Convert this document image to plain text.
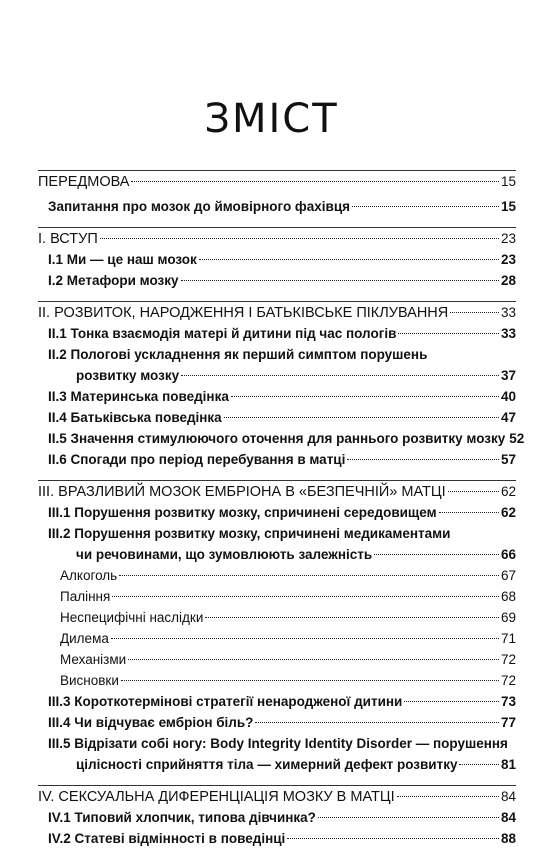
ЗМІСТ
ПЕРЕДМОВА	15
Запитання про мозок до ймовірного фахівця	15
I. ВСТУП	23
I.1 Ми — це наш мозок	23
I.2 Метафори мозку	28
II. РОЗВИТОК, НАРОДЖЕННЯ І БАТЬКІВСЬКЕ ПІКЛУВАННЯ	33
II.1 Тонка взаємодія матері й дитини під час пологів	33
II.2 Пологові ускладнення як перший симптом порушень
розвитку мозку	37
II.3 Материнська поведінка	40
II.4 Батьківська поведінка	47
II.5 Значення стимулюючого оточення для раннього розвитку мозку 52
II.6 Спогади про період перебування в матці	57
III. ВРАЗЛИВИЙ МОЗОК ЕМБРІОНА В «БЕЗПЕЧНІЙ» МАТЦІ	62
III.1 Порушення розвитку мозку, спричинені середовищем	62
III.2 Порушення розвитку мозку, спричинені медикаментами
чи речовинами, що зумовлюють залежність	66
Алкоголь	67
Паління	68
Неспецифічні наслідки	69
Дилема	71
Механізми	72
Висновки	72
III.3 Короткотермінові стратегії ненародженої дитини	73
III.4 Чи відчуває ембріон біль?	77
III.5 Відрізати собі ногу: Body Integrity Identity Disorder — порушення
цілісності сприйняття тіла — химерний дефект розвитку	81
IV. СЕКСУАЛЬНА ДИФЕРЕНЦІАЦІЯ МОЗКУ В МАТЦІ	84
IV.1 Типовий хлопчик, типова дівчинка?	84
IV.2 Статеві відмінності в поведінці	88
